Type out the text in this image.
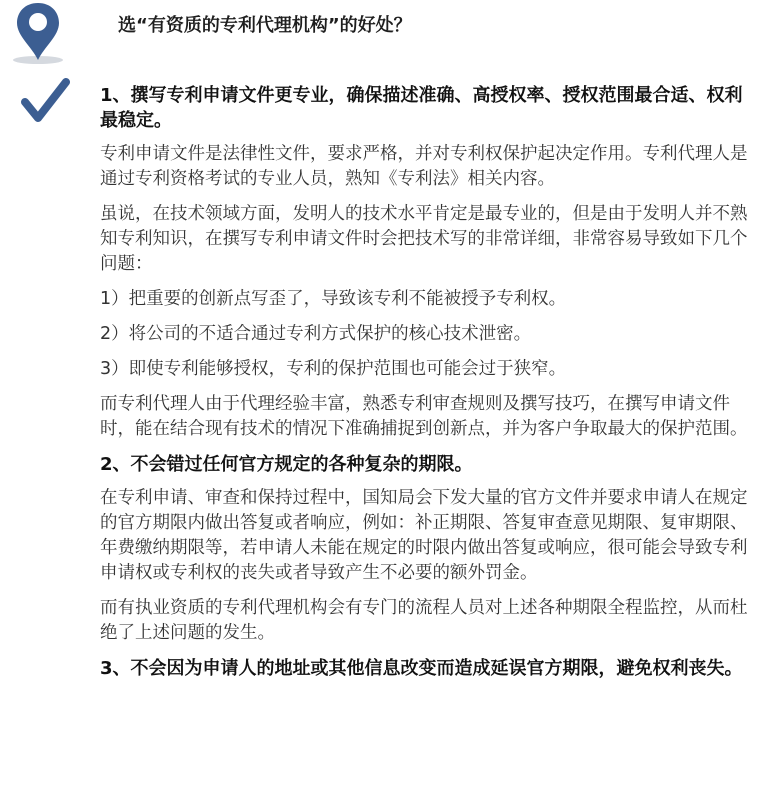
选“有资质的专利代理机构”的好处？
1、撰写专利申请文件更专业，确保描述准确、高授权率、授权范围最合适、权利最稳定。

专利申请文件是法律性文件，要求严格，并对专利权保护起决定作用。专利代理人是通过专利资格考试的专业人员，熟知《专利法》相关内容。

虽说，在技术领域方面，发明人的技术水平肯定是最专业的，但是由于发明人并不熟知专利知识，在撰写专利申请文件时会把技术写的非常详细，非常容易导致如下几个问题：

1）把重要的创新点写歪了，导致该专利不能被授予专利权。

2）将公司的不适合通过专利方式保护的核心技术泄密。

3）即使专利能够授权，专利的保护范围也可能会过于狭窄。

而专利代理人由于代理经验丰富，熟悉专利审查规则及撰写技巧，在撰写申请文件时，能在结合现有技术的情况下准确捕捉到创新点，并为客户争取最大的保护范围。

2、不会错过任何官方规定的各种复杂的期限。

在专利申请、审查和保持过程中，国知局会下发大量的官方文件并要求申请人在规定的官方期限内做出答复或者响应，例如：补正期限、答复审查意见期限、复审期限、年费缴纳期限等，若申请人未能在规定的时限内做出答复或响应，很可能会导致专利申请权或专利权的丧失或者导致产生不必要的额外罚金。

而有执业资质的专利代理机构会有专门的流程人员对上述各种期限全程监控，从而杜绝了上述问题的发生。

3、不会因为申请人的地址或其他信息改变而造成延误官方期限，避免权利丧失。
